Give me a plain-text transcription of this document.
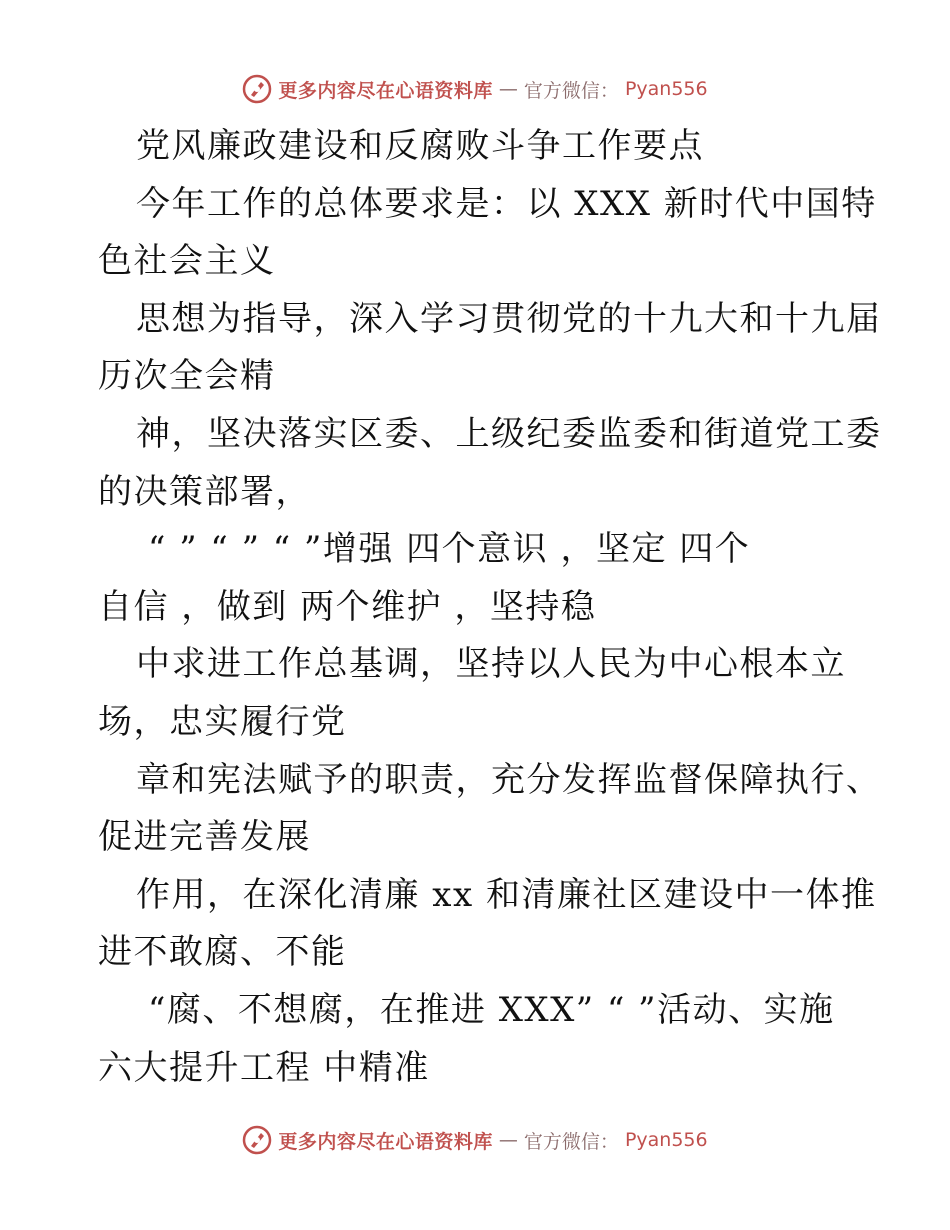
更多内容尽在心语资料库 — 官方微信： Pyan556
党风廉政建设和反腐败斗争工作要点
今年工作的总体要求是：以 XXX 新时代中国特
色社会主义
思想为指导，深入学习贯彻党的十九大和十九届
历次全会精
神，坚决落实区委、上级纪委监委和街道党工委
的决策部署，
“ ” “ ” “ ”增强 四个意识 ，坚定 四个
自信 ，做到 两个维护 ，坚持稳
中求进工作总基调，坚持以人民为中心根本立
场，忠实履行党
章和宪法赋予的职责，充分发挥监督保障执行、
促进完善发展
作用，在深化清廉 xx 和清廉社区建设中一体推
进不敢腐、不能
“腐、不想腐，在推进 XXX” “ ”活动、实施
六大提升工程 中精准
更多内容尽在心语资料库 — 官方微信： Pyan556
